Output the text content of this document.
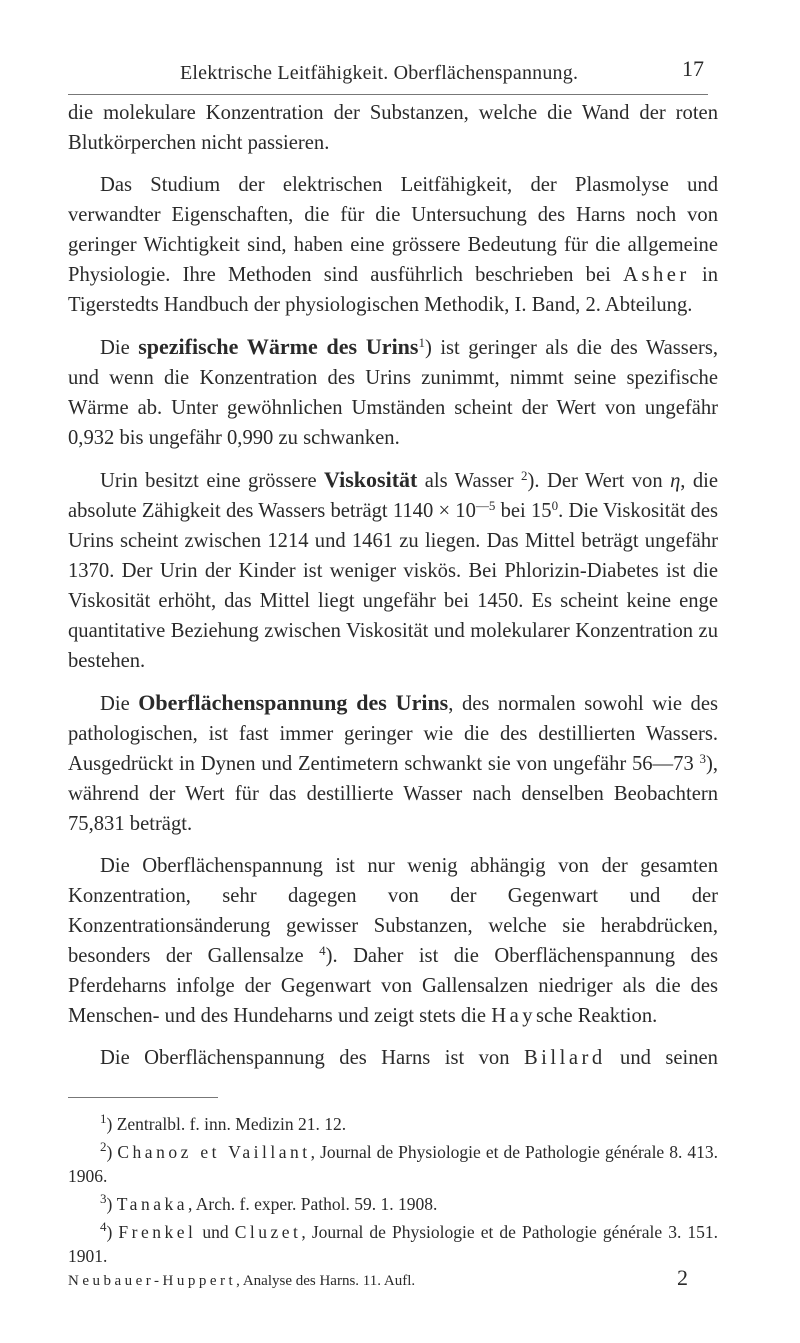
Elektrische Leitfähigkeit. Oberflächenspannung.	17

die molekulare Konzentration der Substanzen, welche die Wand der roten Blutkörperchen nicht passieren.

Das Studium der elektrischen Leitfähigkeit, der Plasmolyse und verwandter Eigenschaften, die für die Untersuchung des Harns noch von geringer Wichtigkeit sind, haben eine grössere Bedeutung für die allgemeine Physiologie. Ihre Methoden sind ausführlich beschrieben bei Asher in Tigerstedts Handbuch der physiologischen Methodik, I. Band, 2. Abteilung.

Die spezifische Wärme des Urins$^1$) ist geringer als die des Wassers, und wenn die Konzentration des Urins zunimmt, nimmt seine spezifische Wärme ab. Unter gewöhnlichen Umständen scheint der Wert von ungefähr 0,932 bis ungefähr 0,990 zu schwanken.

Urin besitzt eine grössere Viskosität als Wasser $^2$). Der Wert von η, die absolute Zähigkeit des Wassers beträgt $1140 \times 10^{—5}$ bei $15^0$. Die Viskosität des Urins scheint zwischen 1214 und 1461 zu liegen. Das Mittel beträgt ungefähr 1370. Der Urin der Kinder ist weniger viskös. Bei Phlorizin-Diabetes ist die Viskosität erhöht, das Mittel liegt ungefähr bei 1450. Es scheint keine enge quantitative Beziehung zwischen Viskosität und molekularer Konzentration zu bestehen.

Die Oberflächenspannung des Urins, des normalen sowohl wie des pathologischen, ist fast immer geringer wie die des destillierten Wassers. Ausgedrückt in Dynen und Zentimetern schwankt sie von ungefähr 56—73 $^3$), während der Wert für das destillierte Wasser nach denselben Beobachtern 75,831 beträgt.

Die Oberflächenspannung ist nur wenig abhängig von der gesamten Konzentration, sehr dagegen von der Gegenwart und der Konzentrationsänderung gewisser Substanzen, welche sie herabdrücken, besonders der Gallensalze $^4$). Daher ist die Oberflächenspannung des Pferdeharns infolge der Gegenwart von Gallensalzen niedriger als die des Menschen- und des Hundeharns und zeigt stets die Haysche Reaktion.

Die Oberflächenspannung des Harns ist von Billard und seinen

$^1$) Zentralbl. f. inn. Medizin 21. 12.

$^2$) Chanoz et Vaillant, Journal de Physiologie et de Pathologie générale 8. 413. 1906.

$^3$) Tanaka, Arch. f. exper. Pathol. 59. 1. 1908.

$^4$) Frenkel und Cluzet, Journal de Physiologie et de Pathologie générale 3. 151. 1901.

Neubauer-Huppert, Analyse des Harns. 11. Aufl.	2
